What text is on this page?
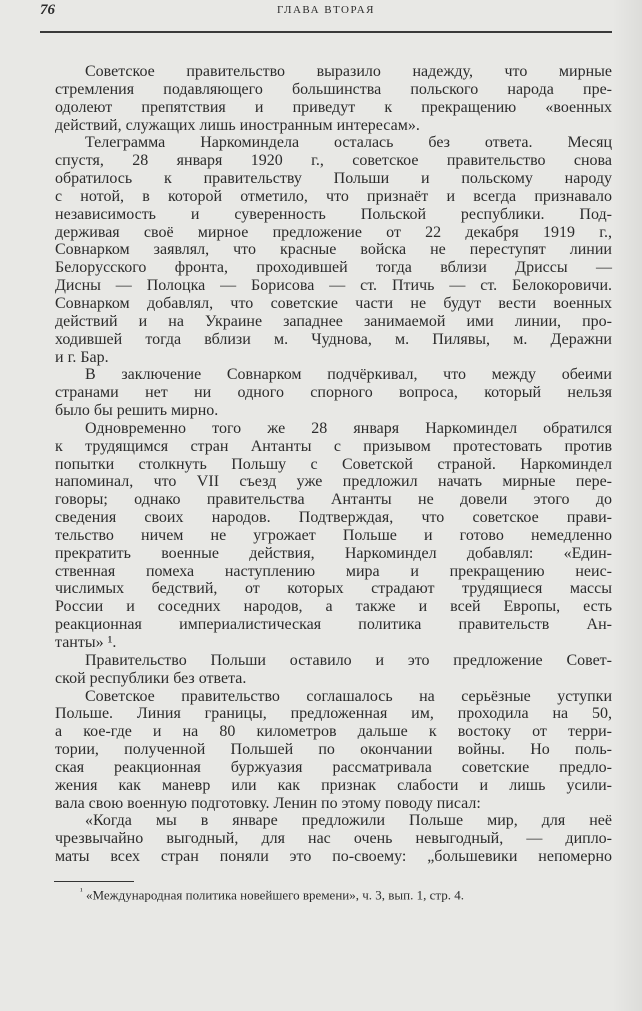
76	ГЛАВА ВТОРАЯ
Советское правительство выразило надежду, что мирные
стремления подавляющего большинства польского народа пре-
одолеют препятствия и приведут к прекращению «военных
действий, служащих лишь иностранным интересам».
Телеграмма Наркоминдела осталась без ответа. Месяц
спустя, 28 января 1920 г., советское правительство снова
обратилось к правительству Польши и польскому народу
с нотой, в которой отметило, что признаёт и всегда признавало
независимость и суверенность Польской республики. Под-
держивая своё мирное предложение от 22 декабря 1919 г.,
Совнарком заявлял, что красные войска не переступят линии
Белорусского фронта, проходившей тогда вблизи Дриссы —
Дисны — Полоцка — Борисова — ст. Птичь — ст. Белокоровичи.
Совнарком добавлял, что советские части не будут вести военных
действий и на Украине западнее занимаемой ими линии, про-
ходившей тогда вблизи м. Чуднова, м. Пилявы, м. Деражни
и г. Бар.
В заключение Совнарком подчёркивал, что между обеими
странами нет ни одного спорного вопроса, который нельзя
было бы решить мирно.
Одновременно того же 28 января Наркоминдел обратился
к трудящимся стран Антанты с призывом протестовать против
попытки столкнуть Польшу с Советской страной. Наркоминдел
напоминал, что VII съезд уже предложил начать мирные пере-
говоры; однако правительства Антанты не довели этого до
сведения своих народов. Подтверждая, что советское прави-
тельство ничем не угрожает Польше и готово немедленно
прекратить военные действия, Наркоминдел добавлял: «Един-
ственная помеха наступлению мира и прекращению неис-
числимых бедствий, от которых страдают трудящиеся массы
России и соседних народов, а также и всей Европы, есть
реакционная империалистическая политика правительств Ан-
танты» ¹.
Правительство Польши оставило и это предложение Совет-
ской республики без ответа.
Советское правительство соглашалось на серьёзные уступки
Польше. Линия границы, предложенная им, проходила на 50,
а кое-где и на 80 километров дальше к востоку от терри-
тории, полученной Польшей по окончании войны. Но поль-
ская реакционная буржуазия рассматривала советские предло-
жения как маневр или как признак слабости и лишь усили-
вала свою военную подготовку. Ленин по этому поводу писал:
«Когда мы в январе предложили Польше мир, для неё
чрезвычайно выгодный, для нас очень невыгодный, — дипло-
маты всех стран поняли это по-своему: „большевики непомерно
$^{^1}$ «Международная политика новейшего времени», ч. 3, вып. 1, стр. 4.
